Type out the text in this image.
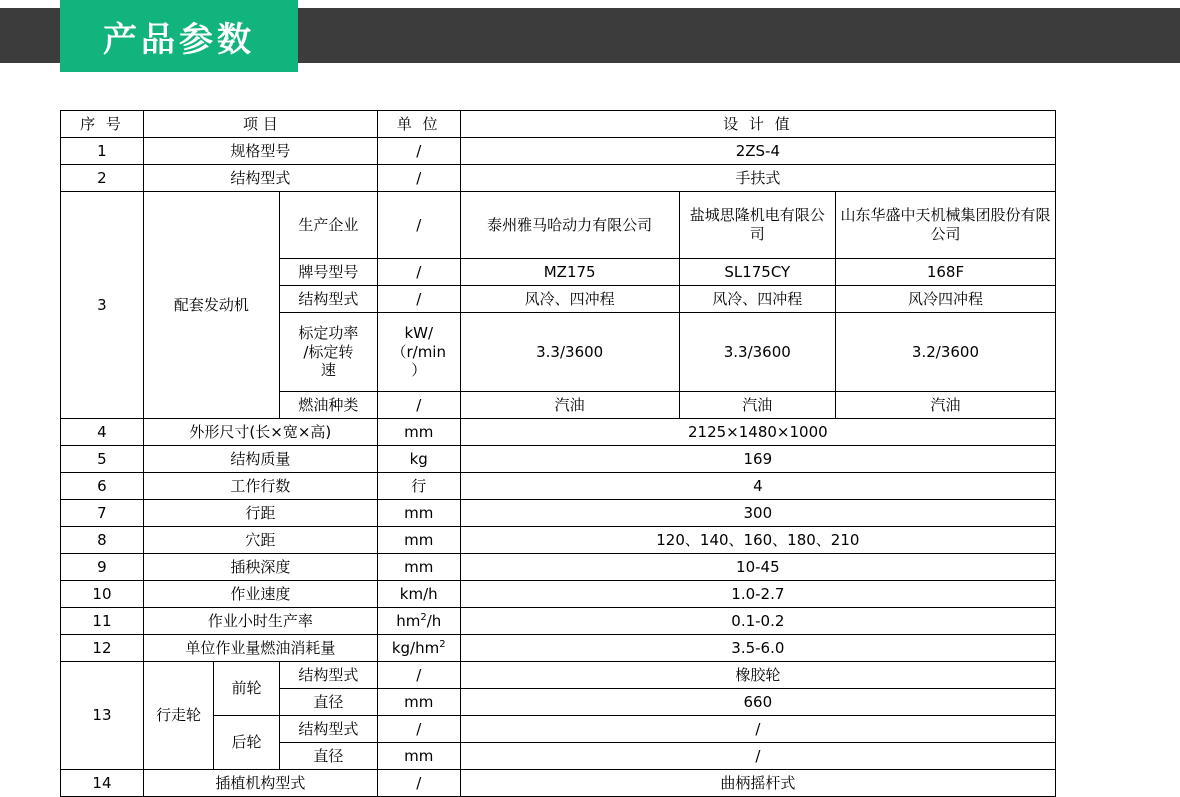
产品参数
序 号	项 目			单 位	设 计 值		
1	规格型号			/	2ZS-4		
2	结构型式			/	手扶式		
3	配套发动机		生产企业	/	泰州雅马哈动力有限公司	盐城思隆机电有限公司	山东华盛中天机械集团股份有限公司
			牌号型号	/	MZ175	SL175CY	168F
			结构型式	/	风冷、四冲程	风冷、四冲程	风冷四冲程
			标定功率
/标定转
速	kW/
（r/min
）	3.3/3600	3.3/3600	3.2/3600
			燃油种类	/	汽油	汽油	汽油
4	外形尺寸(长×宽×高)			mm	2125×1480×1000		
5	结构质量			kg	169		
6	工作行数			行	4		
7	行距			mm	300		
8	穴距			mm	120、140、160、180、210		
9	插秧深度			mm	10-45		
10	作业速度			km/h	1.0-2.7		
11	作业小时生产率			$hm^2/h$	0.1-0.2		
12	单位作业量燃油消耗量			$kg/hm^2$	3.5-6.0		
13	行走轮	前轮	结构型式	/	橡胶轮		
			直径	mm	660		
		后轮	结构型式	/	/		
			直径	mm	/		
14	插植机构型式			/	曲柄摇杆式		
